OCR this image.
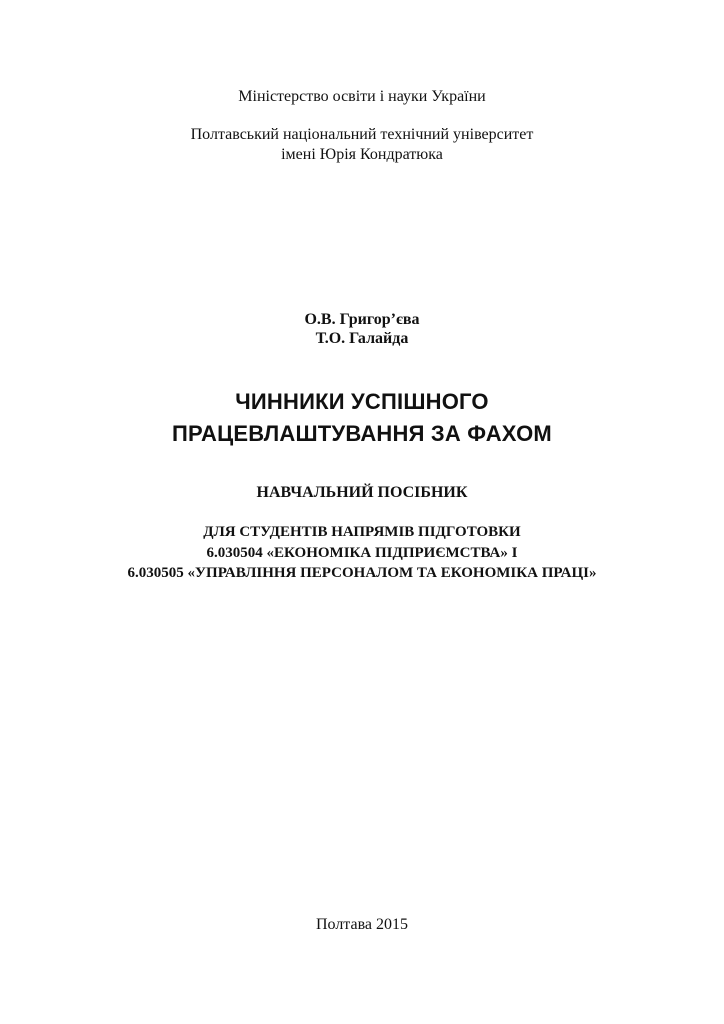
Міністерство освіти і науки України
Полтавський національний технічний університет
імені Юрія Кондратюка
О.В. Григор’єва
Т.О. Галайда
ЧИННИКИ УСПІШНОГО
ПРАЦЕВЛАШТУВАННЯ ЗА ФАХОМ
НАВЧАЛЬНИЙ ПОСІБНИК
ДЛЯ СТУДЕНТІВ НАПРЯМІВ ПІДГОТОВКИ
6.030504 «ЕКОНОМІКА ПІДПРИЄМСТВА» І
6.030505 «УПРАВЛІННЯ ПЕРСОНАЛОМ ТА ЕКОНОМІКА ПРАЦІ»
Полтава 2015
